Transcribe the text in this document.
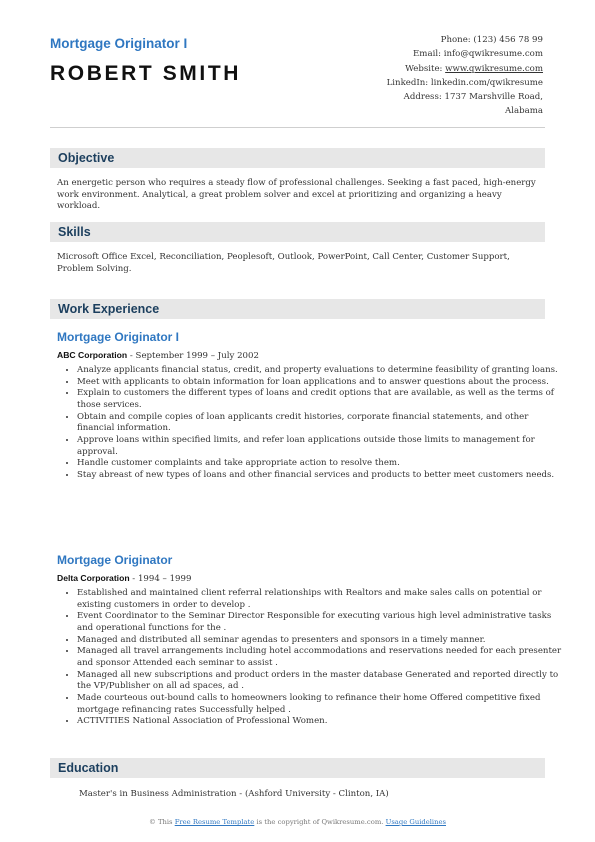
Mortgage Originator I
ROBERT SMITH
Phone: (123) 456 78 99
Email: info@qwikresume.com
Website: www.qwikresume.com
LinkedIn: linkedin.com/qwikresume
Address: 1737 Marshville Road,
Alabama
Objective

An energetic person who requires a steady flow of professional challenges. Seeking a fast paced, high-energy work environment. Analytical, a great problem solver and excel at prioritizing and organizing a heavy workload.

Skills

Microsoft Office Excel, Reconciliation, Peoplesoft, Outlook, PowerPoint, Call Center, Customer Support, Problem Solving.

Work Experience
Mortgage Originator I
ABC Corporation - September 1999 – July 2002
• Analyze applicants financial status, credit, and property evaluations to determine feasibility of granting loans.
• Meet with applicants to obtain information for loan applications and to answer questions about the process.
• Explain to customers the different types of loans and credit options that are available, as well as the terms of those services.
• Obtain and compile copies of loan applicants credit histories, corporate financial statements, and other financial information.
• Approve loans within specified limits, and refer loan applications outside those limits to management for approval.
• Handle customer complaints and take appropriate action to resolve them.
• Stay abreast of new types of loans and other financial services and products to better meet customers needs.
Mortgage Originator
Delta Corporation - 1994 – 1999
• Established and maintained client referral relationships with Realtors and make sales calls on potential or existing customers in order to develop .
• Event Coordinator to the Seminar Director Responsible for executing various high level administrative tasks and operational functions for the .
• Managed and distributed all seminar agendas to presenters and sponsors in a timely manner.
• Managed all travel arrangements including hotel accommodations and reservations needed for each presenter and sponsor Attended each seminar to assist .
• Managed all new subscriptions and product orders in the master database Generated and reported directly to the VP/Publisher on all ad spaces, ad .
• Made courteous out-bound calls to homeowners looking to refinance their home Offered competitive fixed mortgage refinancing rates Successfully helped .
• ACTIVITIES National Association of Professional Women.
Education
Master's in Business Administration - (Ashford University - Clinton, IA)
© This Free Resume Template is the copyright of Qwikresume.com. Usage Guidelines
